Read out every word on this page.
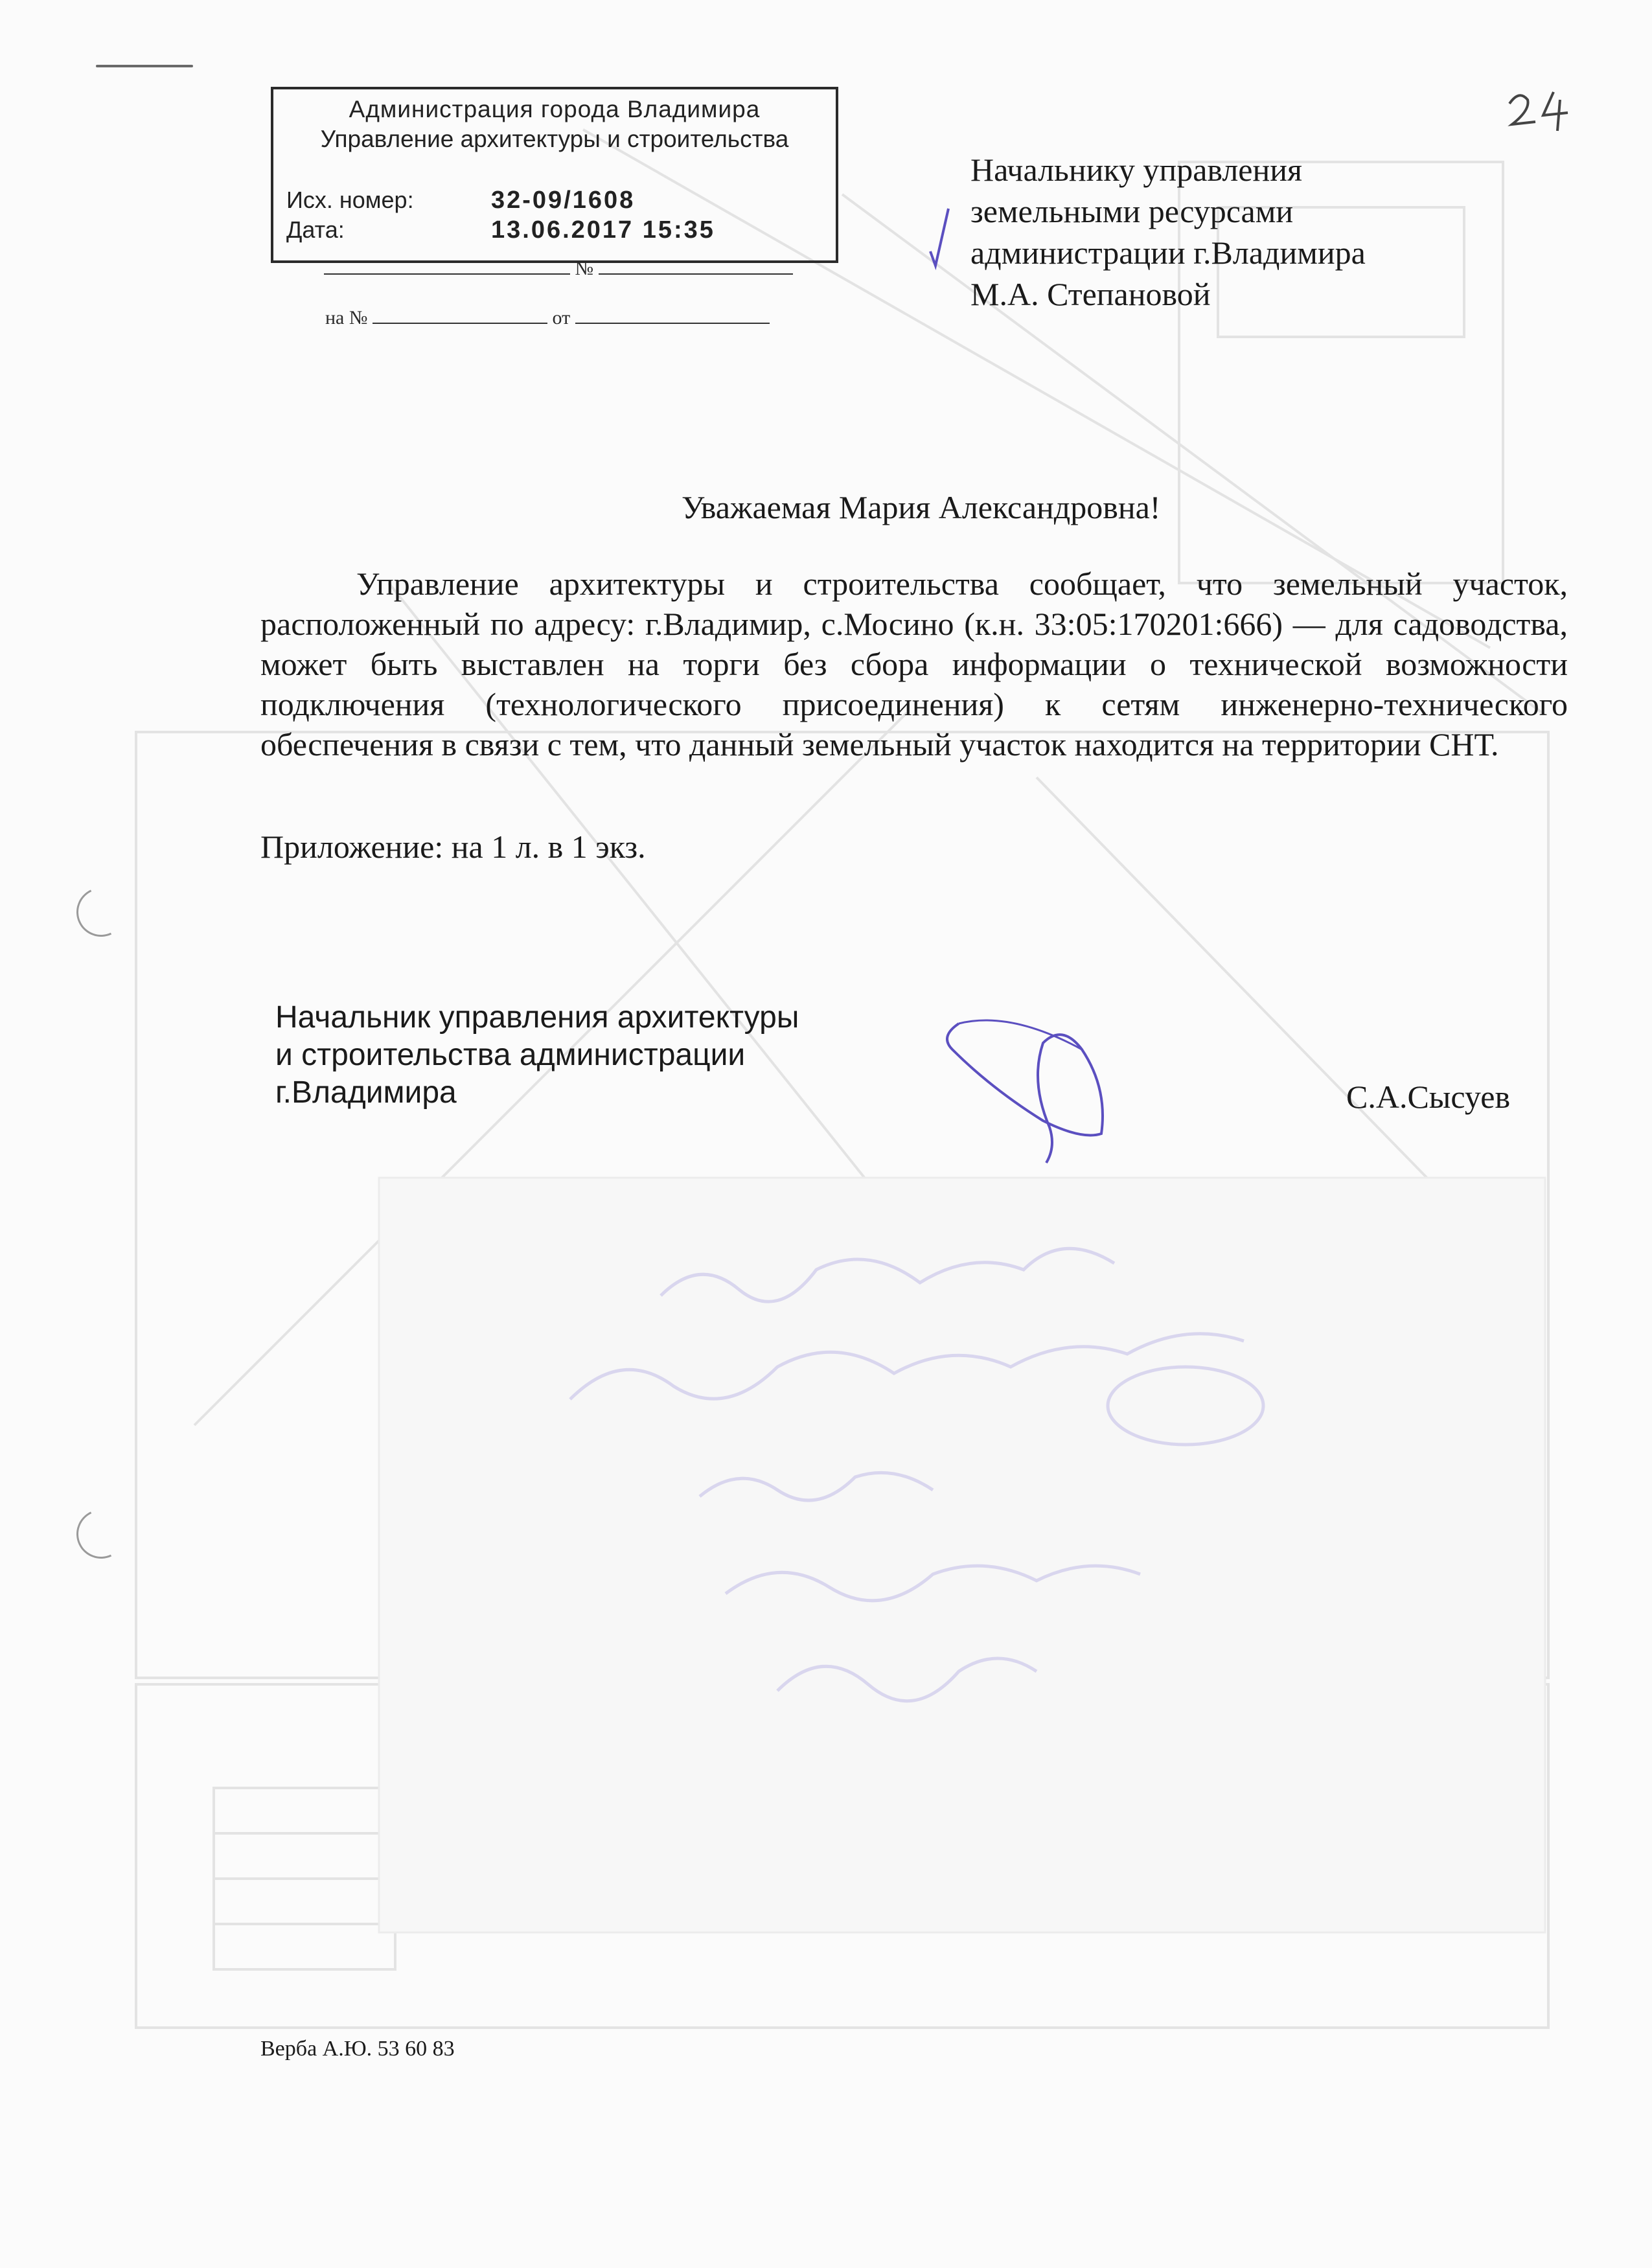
Администрация города Владимира
Управление архитектуры и строительства
Исх. номер:	32-09/1608
Дата:	13.06.2017 15:35
№
на №	от
Начальнику управления
земельными ресурсами
администрации г.Владимира
М.А. Степановой
Уважаемая Мария Александровна!
Управление архитектуры и строительства сообщает, что земельный участок, расположенный по адресу: г.Владимир, с.Мосино (к.н. 33:05:170201:666) — для садоводства, может быть выставлен на торги без сбора информации о технической возможности подключения (технологического присоединения) к сетям инженерно-технического обеспечения в связи с тем, что данный земельный участок находится на территории СНТ.
Приложение: на 1 л. в 1 экз.
Начальник управления архитектуры
и строительства администрации
г.Владимира	С.А.Сысуев
Верба А.Ю. 53 60 83
